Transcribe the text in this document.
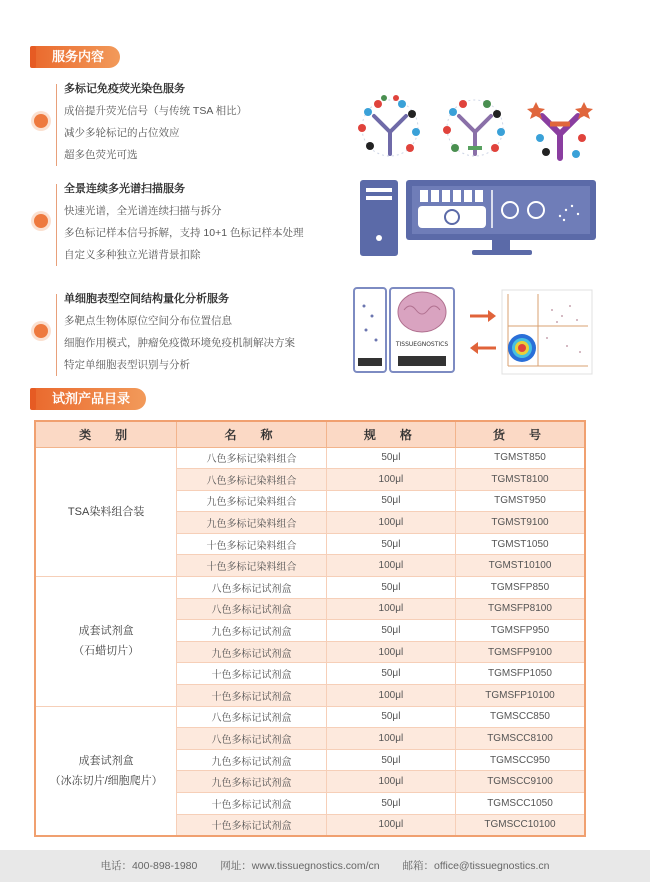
服务内容
多标记免疫荧光染色服务
成倍提升荧光信号（与传统 TSA 相比）
减少多轮标记的占位效应
超多色荧光可选
全景连续多光谱扫描服务
快速光谱，全光谱连续扫描与拆分
多色标记样本信号拆解，支持 10+1 色标记样本处理
自定义多种独立光谱背景扣除
单细胞表型空间结构量化分析服务
多靶点生物体原位空间分布位置信息
细胞作用模式，肿瘤免疫微环境免疫机制解决方案
特定单细胞表型识别与分析
TISSUEGNOSTICS
试剂产品目录
类　别	名　称	规　格	货　号

TSA染料组合装	八色多标记染料组合	50μl	TGMST850
	八色多标记染料组合	100μl	TGMST8100
	九色多标记染料组合	50μl	TGMST950
	九色多标记染料组合	100μl	TGMST9100
	十色多标记染料组合	50μl	TGMST1050
	十色多标记染料组合	100μl	TGMST10100

成套试剂盒
（石蜡切片）	八色多标记试剂盒	50μl	TGMSFP850
	八色多标记试剂盒	100μl	TGMSFP8100
	九色多标记试剂盒	50μl	TGMSFP950
	九色多标记试剂盒	100μl	TGMSFP9100
	十色多标记试剂盒	50μl	TGMSFP1050
	十色多标记试剂盒	100μl	TGMSFP10100

成套试剂盒
（冰冻切片/细胞爬片）	八色多标记试剂盒	50μl	TGMSCC850
	八色多标记试剂盒	100μl	TGMSCC8100
	九色多标记试剂盒	50μl	TGMSCC950
	九色多标记试剂盒	100μl	TGMSCC9100
	十色多标记试剂盒	50μl	TGMSCC1050
	十色多标记试剂盒	100μl	TGMSCC10100
电话：400-898-1980 网址：www.tissuegnostics.com/cn 邮箱：office@tissuegnostics.cn
